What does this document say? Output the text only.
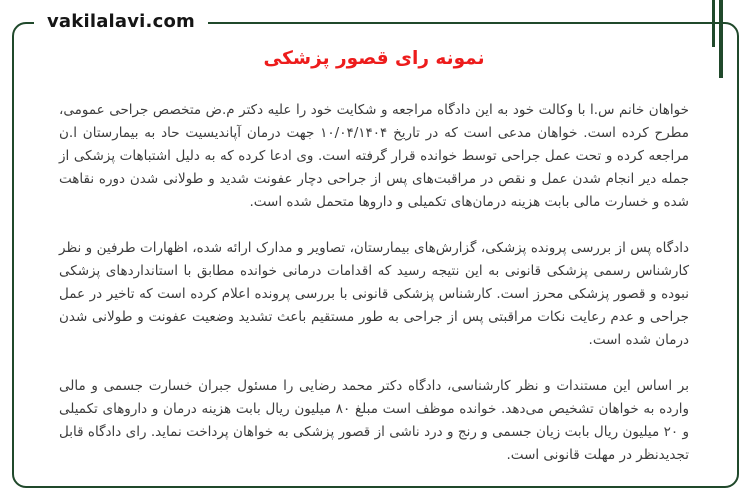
vakilalavi.com
نمونه رای قصور پزشکی

خواهان خانم س.ا با وکالت خود به این دادگاه مراجعه و شکایت خود را علیه دکتر م.ض متخصص جراحی عمومی، مطرح کرده است. خواهان مدعی است که در تاریخ ۱۰/۰۴/۱۴۰۴ جهت درمان آپاندیسیت حاد به بیمارستان ا.ن مراجعه کرده و تحت عمل جراحی توسط خوانده قرار گرفته است. وی ادعا کرده که به دلیل اشتباهات پزشکی از جمله دیر انجام شدن عمل و نقص در مراقبت‌های پس از جراحی دچار عفونت شدید و طولانی شدن دوره نقاهت شده و خسارت مالی بابت هزینه درمان‌های تکمیلی و داروها متحمل شده است.

دادگاه پس از بررسی پرونده پزشکی، گزارش‌های بیمارستان، تصاویر و مدارک ارائه شده، اظهارات طرفین و نظر کارشناس رسمی پزشکی قانونی به این نتیجه رسید که اقدامات درمانی خوانده مطابق با استانداردهای پزشکی نبوده و قصور پزشکی محرز است. کارشناس پزشکی قانونی با بررسی پرونده اعلام کرده است که تاخیر در عمل جراحی و عدم رعایت نکات مراقبتی پس از جراحی به طور مستقیم باعث تشدید وضعیت عفونت و طولانی شدن درمان شده است.

بر اساس این مستندات و نظر کارشناسی، دادگاه دکتر محمد رضایی را مسئول جبران خسارت جسمی و مالی وارده به خواهان تشخیص می‌دهد. خوانده موظف است مبلغ ۸۰ میلیون ریال بابت هزینه درمان و داروهای تکمیلی و ۲۰ میلیون ریال بابت زیان جسمی و رنج و درد ناشی از قصور پزشکی به خواهان پرداخت نماید. رای دادگاه قابل تجدیدنظر در مهلت قانونی است.
